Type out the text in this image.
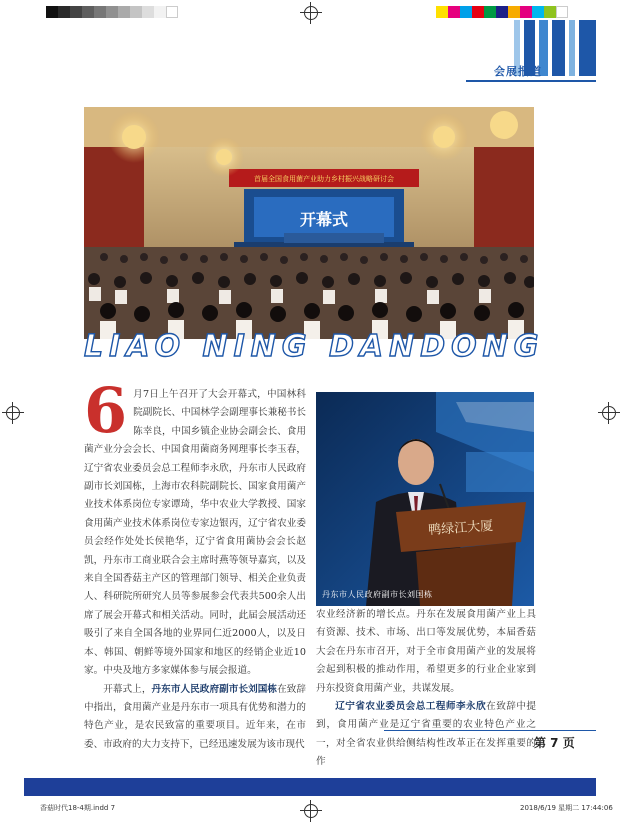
会展报道
首届全国食用菌产业助力乡村振兴战略研讨会
开幕式
LIAO NING DANDONG
6 月7日上午召开了大会开幕式，中国林科院副院长、中国林学会副理事长兼秘书长陈幸良，中国乡镇企业协会副会长、食用菌产业分会会长、中国食用菌商务网理事长李玉春，辽宁省农业委员会总工程师李永欣，丹东市人民政府副市长刘国栋，上海市农科院副院长、国家食用菌产业技术体系岗位专家谭琦，华中农业大学教授、国家食用菌产业技术体系岗位专家边银丙，辽宁省农业委员会经作处处长侯艳华，辽宁省食用菌协会会长赵凯，丹东市工商业联合会主席时燕等领导嘉宾，以及来自全国香菇主产区的管理部门领导、相关企业负责人、科研院所研究人员等参展参会代表共500余人出席了展会开幕式和相关活动。同时，此届会展活动还吸引了来自全国各地的业界同仁近2000人，以及日本、韩国、朝鲜等境外国家和地区的经销企业近10家。中央及地方多家媒体参与展会报道。

开幕式上，丹东市人民政府副市长刘国栋在致辞中指出，食用菌产业是丹东市一项具有优势和潜力的特色产业，是农民致富的重要项目。近年来，在市委、市政府的大力支持下，已经迅速发展为该市现代

鸭绿江大厦
丹东市人民政府副市长刘国栋
农业经济新的增长点。丹东在发展食用菌产业上具有资源、技术、市场、出口等发展优势，本届香菇大会在丹东市召开，对于全市食用菌产业的发展将会起到积极的推动作用，希望更多的行业企业家到丹东投资食用菌产业，共谋发展。

辽宁省农业委员会总工程师李永欣在致辞中提到，食用菌产业是辽宁省重要的农业特色产业之一，对全省农业供给侧结构性改革正在发挥重要的作

第 7 页
香菇时代18-4期.indd 7	2018/6/19 星期二 17:44:06
